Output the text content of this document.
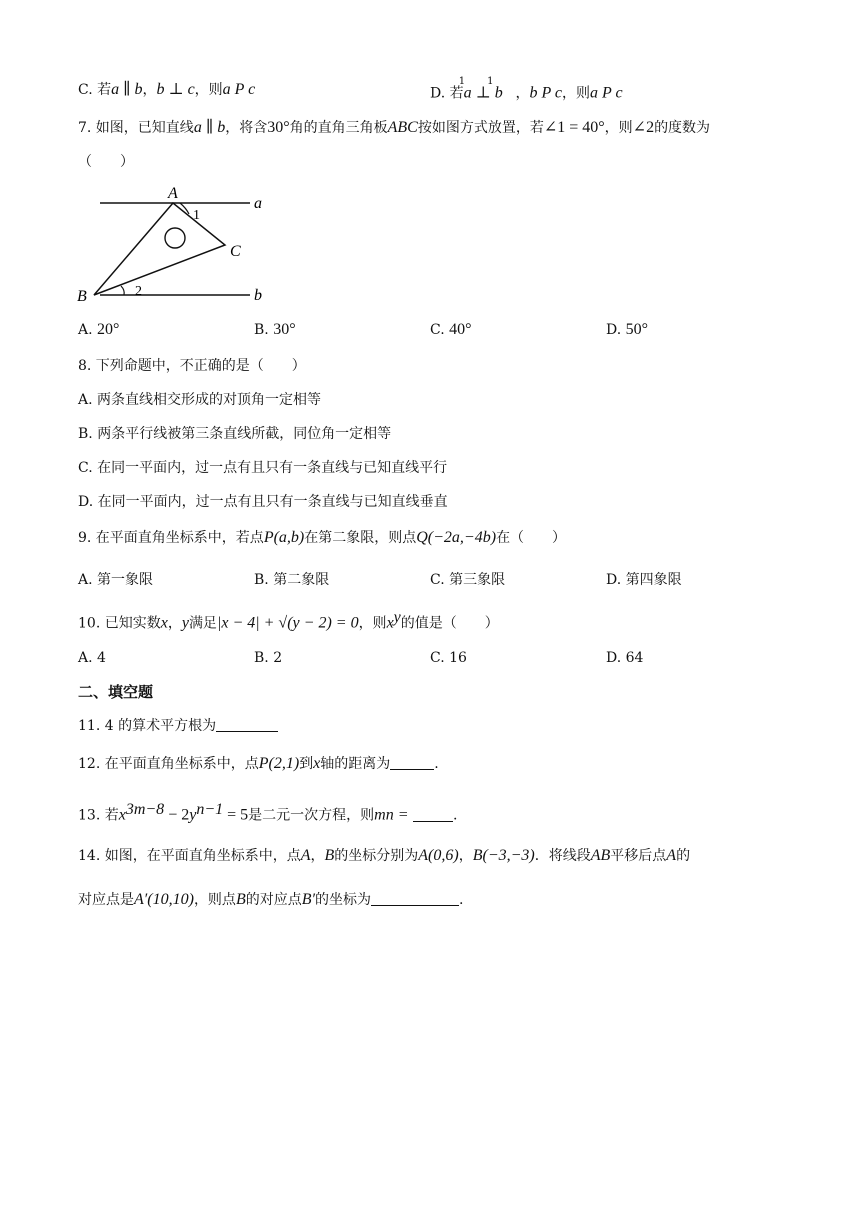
C. 若a ∥ b，b ⊥ c，则a P c	D. 若a ⊥ $b^1$ $^1$，b P c，则a P c
7. 如图，已知直线a ∥ b，将含30°角的直角三角板ABC按如图方式放置，若∠1 = 40°，则∠2的度数为
（　　）
A
1
C
B	2
a
b
A. 20°	B. 30°	C. 40°	D. 50°
8. 下列命题中，不正确的是（　　）
A. 两条直线相交形成的对顶角一定相等
B. 两条平行线被第三条直线所截，同位角一定相等
C. 在同一平面内，过一点有且只有一条直线与已知直线平行
D. 在同一平面内，过一点有且只有一条直线与已知直线垂直
9. 在平面直角坐标系中，若点P(a,b)在第二象限，则点Q(−2a,−4b)在（　　）
A. 第一象限	B. 第二象限	C. 第三象限	D. 第四象限
10. 已知实数x，y满足|x − 4| + √(y − 2) = 0，则$x^y$的值是（　　）
A. 4	B. 2	C. 16	D. 64
二、填空题
11. 4 的算术平方根为
12. 在平面直角坐标系中，点P(2,1)到x轴的距离为	.
13. 若$x^{3m-8} - 2y^{n-1} = 5$是二元一次方程，则mn =	.
14. 如图，在平面直角坐标系中，点A，B的坐标分别为A(0,6)，B(−3,−3)．将线段AB平移后点A的
对应点是A′(10,10)，则点B的对应点B′的坐标为	.
